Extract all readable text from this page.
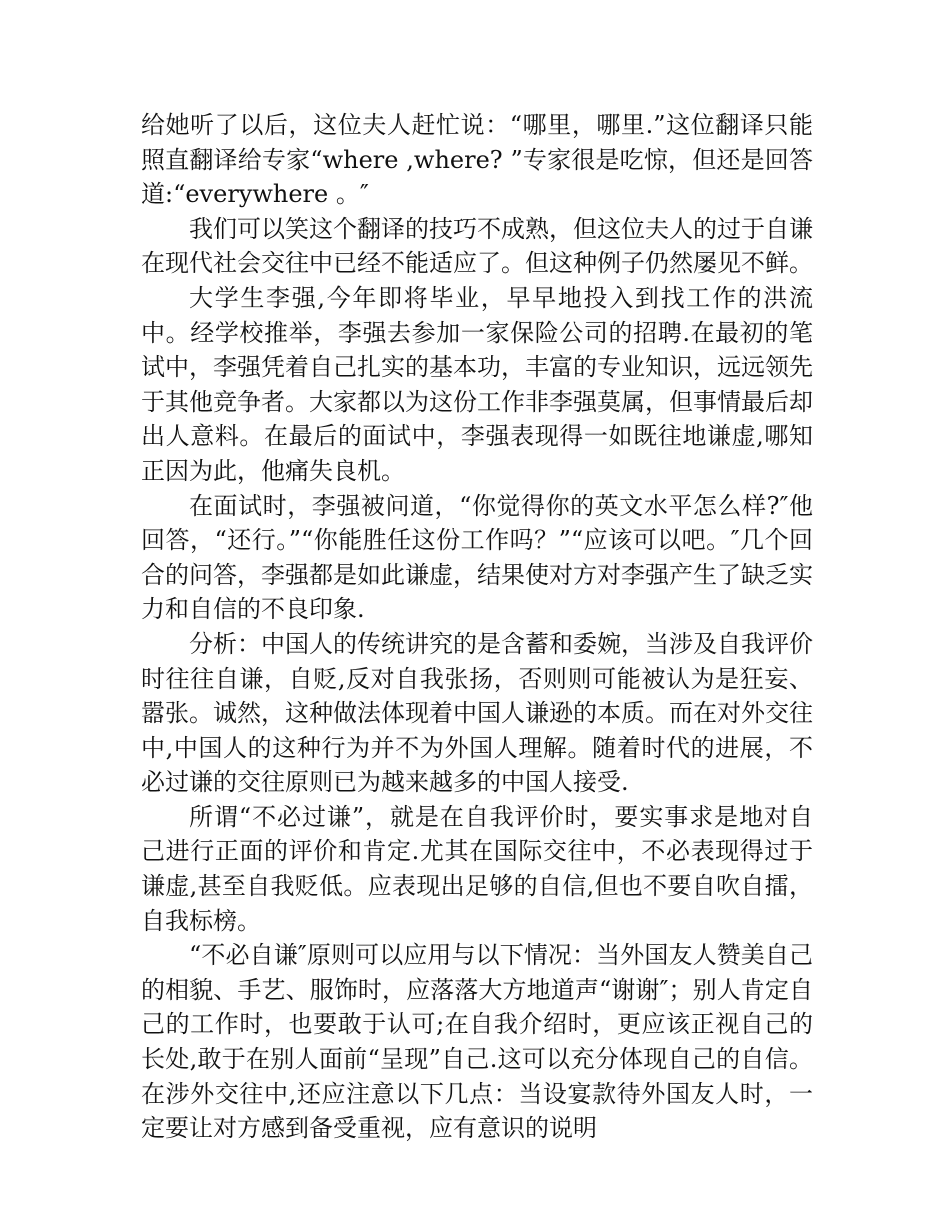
给她听了以后，这位夫人赶忙说：“哪里，哪里.”这位翻译只能照直翻译给专家“where ,where? ”专家很是吃惊，但还是回答道:“everywhere 。″

我们可以笑这个翻译的技巧不成熟，但这位夫人的过于自谦在现代社会交往中已经不能适应了。但这种例子仍然屡见不鲜。

大学生李强,今年即将毕业，早早地投入到找工作的洪流中。经学校推举，李强去参加一家保险公司的招聘.在最初的笔试中，李强凭着自己扎实的基本功，丰富的专业知识，远远领先于其他竞争者。大家都以为这份工作非李强莫属，但事情最后却出人意料。在最后的面试中，李强表现得一如既往地谦虚,哪知正因为此，他痛失良机。

在面试时，李强被问道，“你觉得你的英文水平怎么样?″他回答，“还行。”“你能胜任这份工作吗？”“应该可以吧。″几个回合的问答，李强都是如此谦虚，结果使对方对李强产生了缺乏实力和自信的不良印象.

分析：中国人的传统讲究的是含蓄和委婉，当涉及自我评价时往往自谦，自贬,反对自我张扬，否则则可能被认为是狂妄、嚣张。诚然，这种做法体现着中国人谦逊的本质。而在对外交往中,中国人的这种行为并不为外国人理解。随着时代的进展，不必过谦的交往原则已为越来越多的中国人接受.

所谓“不必过谦”，就是在自我评价时，要实事求是地对自己进行正面的评价和肯定.尤其在国际交往中，不必表现得过于谦虚,甚至自我贬低。应表现出足够的自信,但也不要自吹自擂，自我标榜。

“不必自谦″原则可以应用与以下情况：当外国友人赞美自己的相貌、手艺、服饰时，应落落大方地道声“谢谢″；别人肯定自己的工作时，也要敢于认可;在自我介绍时，更应该正视自己的长处,敢于在别人面前“呈现”自己.这可以充分体现自己的自信。在涉外交往中,还应注意以下几点：当设宴款待外国友人时，一定要让对方感到备受重视，应有意识的说明
